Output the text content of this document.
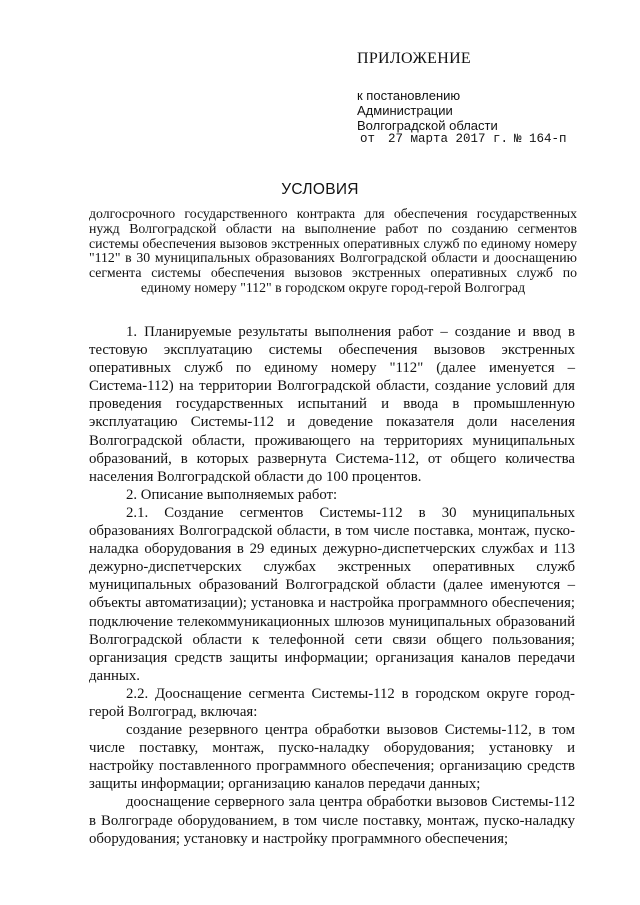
ПРИЛОЖЕНИЕ
к постановлению
Администрации
Волгоградской области
от 27 марта 2017 г. № 164-п
УСЛОВИЯ
долгосрочного государственного контракта для обеспечения государственных нужд Волгоградской области на выполнение работ по созданию сегментов системы обеспечения вызовов экстренных оперативных служб по единому номеру "112" в 30 муниципальных образованиях Волгоградской области и дооснащению сегмента системы обеспечения вызовов экстренных оперативных служб по единому номеру "112" в городском округе город-герой Волгоград

1. Планируемые результаты выполнения работ – создание и ввод в тестовую эксплуатацию системы обеспечения вызовов экстренных оперативных служб по единому номеру "112" (далее именуется – Система-112) на территории Волгоградской области, создание условий для проведения государственных испытаний и ввода в промышленную эксплуатацию Системы-112 и доведение показателя доли населения Волгоградской области, проживающего на территориях муниципальных образований, в которых развернута Система-112, от общего количества населения Волгоградской области до 100 процентов.

2. Описание выполняемых работ:

2.1. Создание сегментов Системы-112 в 30 муниципальных образованиях Волгоградской области, в том числе поставка, монтаж, пуско-наладка оборудования в 29 единых дежурно-диспетчерских службах и 113 дежурно-диспетчерских службах экстренных оперативных служб муниципальных образований Волгоградской области (далее именуются – объекты автоматизации); установка и настройка программного обеспечения; подключение телекоммуникационных шлюзов муниципальных образований Волгоградской области к телефонной сети связи общего пользования; организация средств защиты информации; организация каналов передачи данных.

2.2. Дооснащение сегмента Системы-112 в городском округе город-герой Волгоград, включая:

создание резервного центра обработки вызовов Системы-112, в том числе поставку, монтаж, пуско-наладку оборудования; установку и настройку поставленного программного обеспечения; организацию средств защиты информации; организацию каналов передачи данных;

дооснащение серверного зала центра обработки вызовов Системы-112 в Волгограде оборудованием, в том числе поставку, монтаж, пуско-наладку оборудования; установку и настройку программного обеспечения;
